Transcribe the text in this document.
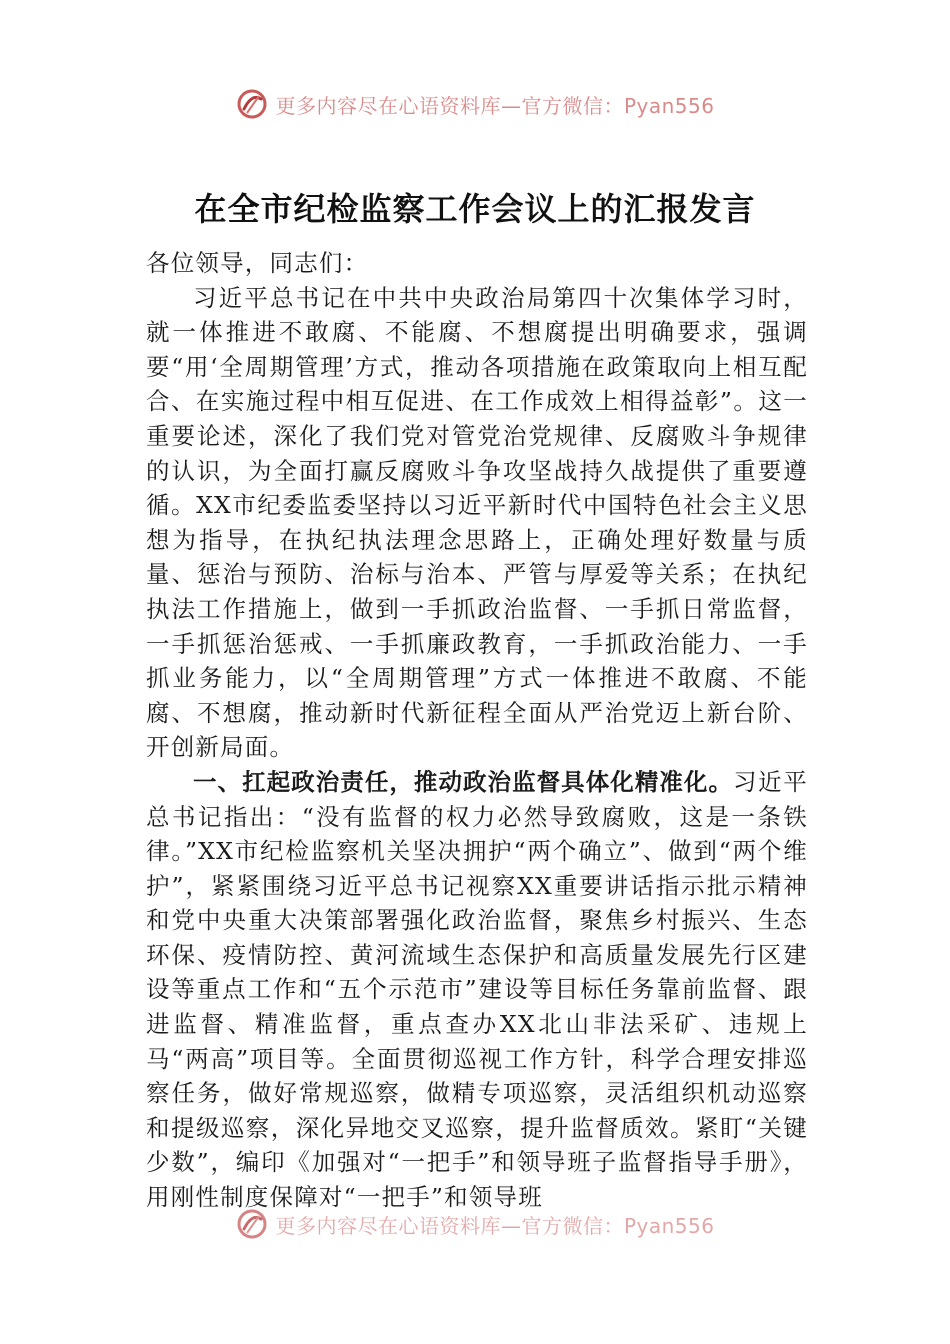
更多内容尽在心语资料库—官方微信：Pyan556
在全市纪检监察工作会议上的汇报发言

各位领导，同志们：

习近平总书记在中共中央政治局第四十次集体学习时，就一体推进不敢腐、不能腐、不想腐提出明确要求，强调要“用‘全周期管理’方式，推动各项措施在政策取向上相互配合、在实施过程中相互促进、在工作成效上相得益彰”。这一重要论述，深化了我们党对管党治党规律、反腐败斗争规律的认识，为全面打赢反腐败斗争攻坚战持久战提供了重要遵循。XX市纪委监委坚持以习近平新时代中国特色社会主义思想为指导，在执纪执法理念思路上，正确处理好数量与质量、惩治与预防、治标与治本、严管与厚爱等关系；在执纪执法工作措施上，做到一手抓政治监督、一手抓日常监督，一手抓惩治惩戒、一手抓廉政教育，一手抓政治能力、一手抓业务能力，以“全周期管理”方式一体推进不敢腐、不能腐、不想腐，推动新时代新征程全面从严治党迈上新台阶、开创新局面。

一、扛起政治责任，推动政治监督具体化精准化。习近平总书记指出：“没有监督的权力必然导致腐败，这是一条铁律。”XX市纪检监察机关坚决拥护“两个确立”、做到“两个维护”，紧紧围绕习近平总书记视察XX重要讲话指示批示精神和党中央重大决策部署强化政治监督，聚焦乡村振兴、生态环保、疫情防控、黄河流域生态保护和高质量发展先行区建设等重点工作和“五个示范市”建设等目标任务靠前监督、跟进监督、精准监督，重点查办XX北山非法采矿、违规上马“两高”项目等。全面贯彻巡视工作方针，科学合理安排巡察任务，做好常规巡察，做精专项巡察，灵活组织机动巡察和提级巡察，深化异地交叉巡察，提升监督质效。紧盯“关键少数”，编印《加强对“一把手”和领导班子监督指导手册》，用刚性制度保障对“一把手”和领导班

更多内容尽在心语资料库—官方微信：Pyan556
